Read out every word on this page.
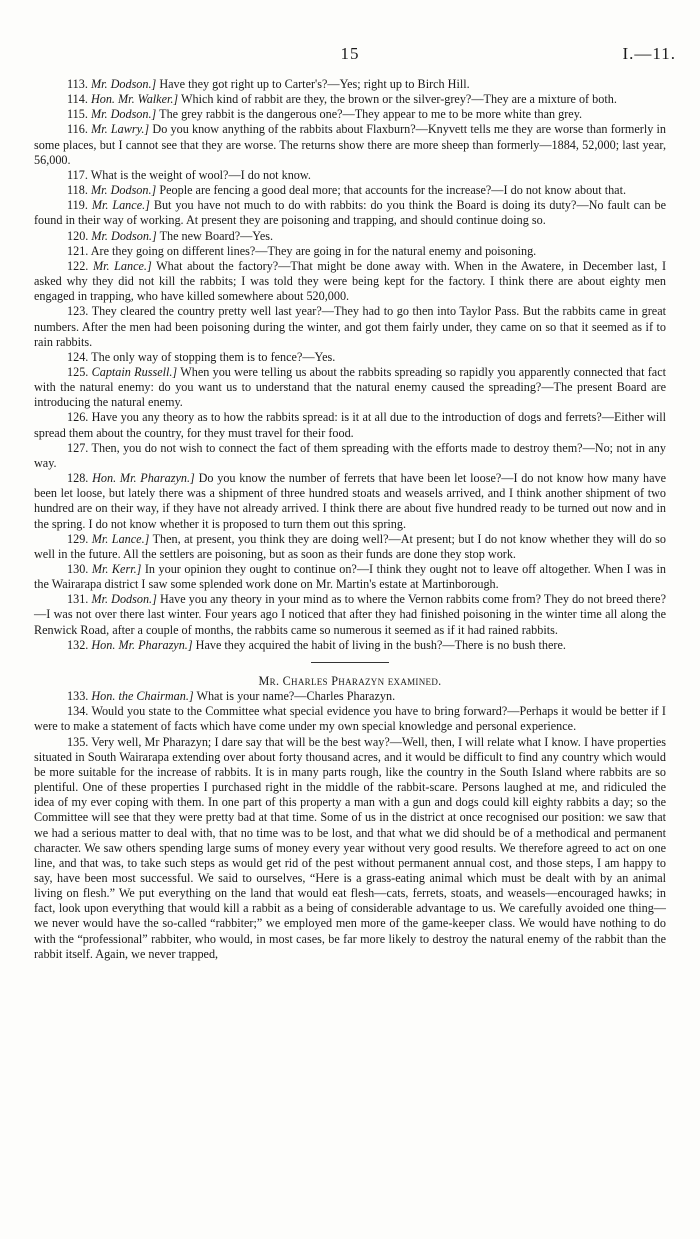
15	I.—11.

113. Mr. Dodson.] Have they got right up to Carter's?—Yes; right up to Birch Hill.

114. Hon. Mr. Walker.] Which kind of rabbit are they, the brown or the silver-grey?—They are a mixture of both.

115. Mr. Dodson.] The grey rabbit is the dangerous one?—They appear to me to be more white than grey.

116. Mr. Lawry.] Do you know anything of the rabbits about Flaxburn?—Knyvett tells me they are worse than formerly in some places, but I cannot see that they are worse. The returns show there are more sheep than formerly—1884, 52,000; last year, 56,000.

117. What is the weight of wool?—I do not know.

118. Mr. Dodson.] People are fencing a good deal more; that accounts for the increase?—I do not know about that.

119. Mr. Lance.] But you have not much to do with rabbits: do you think the Board is doing its duty?—No fault can be found in their way of working. At present they are poisoning and trapping, and should continue doing so.

120. Mr. Dodson.] The new Board?—Yes.

121. Are they going on different lines?—They are going in for the natural enemy and poisoning.

122. Mr. Lance.] What about the factory?—That might be done away with. When in the Awatere, in December last, I asked why they did not kill the rabbits; I was told they were being kept for the factory. I think there are about eighty men engaged in trapping, who have killed somewhere about 520,000.

123. They cleared the country pretty well last year?—They had to go then into Taylor Pass. But the rabbits came in great numbers. After the men had been poisoning during the winter, and got them fairly under, they came on so that it seemed as if to rain rabbits.

124. The only way of stopping them is to fence?—Yes.

125. Captain Russell.] When you were telling us about the rabbits spreading so rapidly you apparently connected that fact with the natural enemy: do you want us to understand that the natural enemy caused the spreading?—The present Board are introducing the natural enemy.

126. Have you any theory as to how the rabbits spread: is it at all due to the introduction of dogs and ferrets?—Either will spread them about the country, for they must travel for their food.

127. Then, you do not wish to connect the fact of them spreading with the efforts made to destroy them?—No; not in any way.

128. Hon. Mr. Pharazyn.] Do you know the number of ferrets that have been let loose?—I do not know how many have been let loose, but lately there was a shipment of three hundred stoats and weasels arrived, and I think another shipment of two hundred are on their way, if they have not already arrived. I think there are about five hundred ready to be turned out now and in the spring. I do not know whether it is proposed to turn them out this spring.

129. Mr. Lance.] Then, at present, you think they are doing well?—At present; but I do not know whether they will do so well in the future. All the settlers are poisoning, but as soon as their funds are done they stop work.

130. Mr. Kerr.] In your opinion they ought to continue on?—I think they ought not to leave off altogether. When I was in the Wairarapa district I saw some splended work done on Mr. Martin's estate at Martinborough.

131. Mr. Dodson.] Have you any theory in your mind as to where the Vernon rabbits come from? They do not breed there?—I was not over there last winter. Four years ago I noticed that after they had finished poisoning in the winter time all along the Renwick Road, after a couple of months, the rabbits came so numerous it seemed as if it had rained rabbits.

132. Hon. Mr. Pharazyn.] Have they acquired the habit of living in the bush?—There is no bush there.

Mr. Charles Pharazyn examined.

133. Hon. the Chairman.] What is your name?—Charles Pharazyn.

134. Would you state to the Committee what special evidence you have to bring forward?—Perhaps it would be better if I were to make a statement of facts which have come under my own special knowledge and personal experience.

135. Very well, Mr Pharazyn; I dare say that will be the best way?—Well, then, I will relate what I know. I have properties situated in South Wairarapa extending over about forty thousand acres, and it would be difficult to find any country which would be more suitable for the increase of rabbits. It is in many parts rough, like the country in the South Island where rabbits are so plentiful. One of these properties I purchased right in the middle of the rabbit-scare. Persons laughed at me, and ridiculed the idea of my ever coping with them. In one part of this property a man with a gun and dogs could kill eighty rabbits a day; so the Committee will see that they were pretty bad at that time. Some of us in the district at once recognised our position: we saw that we had a serious matter to deal with, that no time was to be lost, and that what we did should be of a methodical and permanent character. We saw others spending large sums of money every year without very good results. We therefore agreed to act on one line, and that was, to take such steps as would get rid of the pest without permanent annual cost, and those steps, I am happy to say, have been most successful. We said to ourselves, “Here is a grass-eating animal which must be dealt with by an animal living on flesh.” We put everything on the land that would eat flesh—cats, ferrets, stoats, and weasels—encouraged hawks; in fact, look upon everything that would kill a rabbit as a being of considerable advantage to us. We carefully avoided one thing—we never would have the so-called “rabbiter;” we employed men more of the game-keeper class. We would have nothing to do with the “professional” rabbiter, who would, in most cases, be far more likely to destroy the natural enemy of the rabbit than the rabbit itself. Again, we never trapped,
